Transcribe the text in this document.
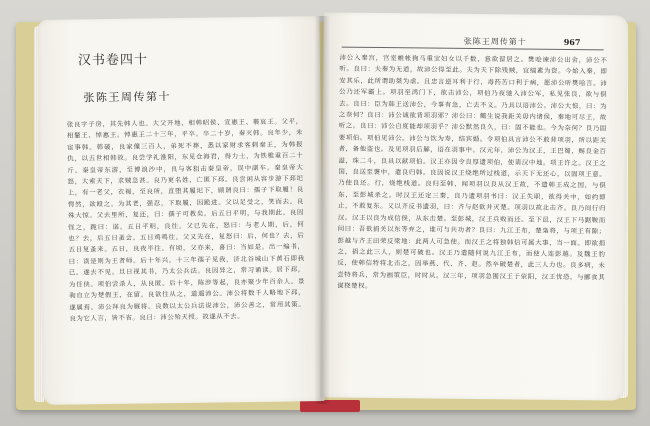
汉书卷四十
张陈王周传第十
张良字子房，其先韩人也。大父开地，相韩昭侯、宣惠王、襄哀王。父平，相釐王、悼惠王。悼惠王二十三年，平卒。卒二十岁，秦灭韩。良年少，未宦事韩。韩破，良家僮三百人，弟死不葬，悉以家财求客刺秦王，为韩报仇，以五世相韩故。良尝学礼淮阳，东见仓海君，得力士，为铁椎重百二十斤。秦皇帝东游，至博浪沙中，良与客狙击秦皇帝，误中副车。秦皇帝大怒，大索天下，求贼急甚。良乃更名姓，亡匿下邳。良尝闲从容步游下邳圯上，有一老父，衣褐，至良所，直堕其履圯下，顾谓良曰：孺子下取履！良愕然，欲殴之。为其老，强忍，下取履，因跪进。父以足受之，笑而去。良殊大惊。父去里所，复还，曰：孺子可教矣。后五日平明，与我期此。良因怪之，跪曰：诺。五日平明，良往。父已先在，怒曰：与老人期，后，何也？去，后五日蚤会。五日鸡鸣往。父又先在，复怒曰：后，何也？去，后五日复蚤来。五日，良夜半往。有顷，父亦来，喜曰：当如是。出一编书，曰：读是则为王者师。后十年兴。十三年孺子见我，济北谷城山下黄石即我已。遂去不见。旦日视其书，乃太公兵法。良因异之，常习诵读。居下邳，为任侠。项伯尝杀人，从良匿。后十年，陈涉等起，良亦聚少年百余人。景驹自立为楚假王，在留。良欲往从之，道遇沛公。沛公将数千人略地下邳，遂属焉。沛公拜良为厩将。良数以太公兵法说沛公，沛公善之，常用其策。良为它人言，皆不省。良曰：沛公殆天授。故遂从不去。
张陈王周传第十	967
沛公入秦宫，宫室帷帐狗马重宝妇女以千数，意欲留居之。樊哙谏沛公出舍，沛公不听。良曰：夫秦为无道，故沛公得至此。夫为天下除残贼，宜缟素为资。今始入秦，即安其乐，此所谓助桀为虐。且忠言逆耳利于行，毒药苦口利于病，愿沛公听樊哙言。沛公乃还军霸上。项羽至鸿门下，欲击沛公，项伯乃夜驰入沛公军，私见张良，欲与俱去。良曰：臣为韩王送沛公，今事有急，亡去不义。乃具以语沛公。沛公大惊，曰：为之奈何？良曰：沛公诚欲背项羽邪？沛公曰：鲰生说我距关毋内诸侯，秦地可尽王，故听之。良曰：沛公自度能却项羽乎？沛公默然良久，曰：固不能也。今为奈何？良乃固要项伯。项伯见沛公。沛公与饮为寿，结宾婚。令项伯具言沛公不敢背项羽，所以距关者，备他盗也。及见项羽后解，语在羽事中。汉元年，沛公为汉王，王巴蜀，赐良金百溢，珠二斗，良具以献项伯。汉王亦因令良厚遗项伯，使请汉中地。项王许之。汉王之国，良送至褒中，遣良归韩。良因说汉王烧绝所过栈道，示天下无还心，以固项王意。乃使良还。行，烧绝栈道。良归至韩，闻项羽以良从汉王故，不遣韩王成之国，与俱东，至彭城杀之。时汉王还定三秦，良乃遗项羽书曰：汉王失职，欲得关中，如约即止，不敢复东。又以齐反书遗羽，曰：齐与赵欲并灭楚。项羽以故北击齐。良乃间行归汉。汉王以良为成信侯，从东击楚。至彭城，汉王兵败而还。至下邑，汉王下马踞鞍而问曰：吾欲捐关以东等弃之，谁可与共功者？良曰：九江王布，楚枭将，与项王有隙；彭越与齐王田荣反梁地：此两人可急使。而汉王之将独韩信可属大事，当一面。即欲捐之，捐之此三人，则楚可破也。汉王乃遣随何说九江王布，而使人连彭越。及魏王豹反，使韩信特将北击之，因举燕、代、齐、赵。然卒破楚者，此三人力也。良多病，未尝特将兵，常为画策臣，时时从。汉三年，项羽急围汉王于荥阳，汉王忧恐，与郦食其谋桡楚权。
